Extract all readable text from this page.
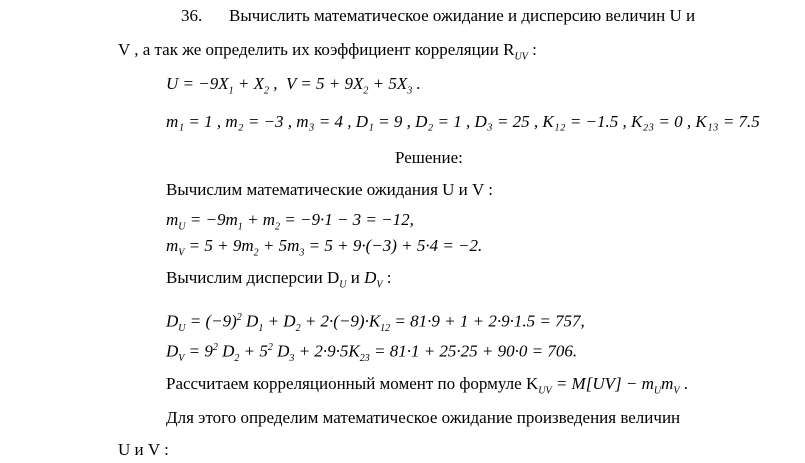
36. Вычислить математическое ожидание и дисперсию величин U и
V , а так же определить их коэффициент корреляции $R_{UV}$ :
$U = -9X_1 + X_2$ ,  $V = 5 + 9X_2 + 5X_3$ .
m₁ = 1 , m₂ = −3 , m₃ = 4 , D₁ = 9 , D₂ = 1 , D₃ = 25 , K₁₂ = −1.5 , K₂₃ = 0 , K₁₃ = 7.5
Решение:
Вычислим математические ожидания U и V :
$m_U = -9m_1 + m_2 = -9\cdot 1 - 3 = -12$,
$m_V = 5 + 9m_2 + 5m_3 = 5 + 9\cdot(-3) + 5\cdot 4 = -2$.
Вычислим дисперсии $D_U$ и $D_V$ :
$D_U = (-9)^2$ $D_1 + D_2 + 2\cdot(-9)\cdot K_{12} = 81\cdot 9 + 1 + 2\cdot 9\cdot 1.5 = 757$,
$D_V = 9^2$ $D_2 + 5^2$ $D_3 + 2\cdot 9\cdot 5K_{23} = 81\cdot 1 + 25\cdot 25 + 90\cdot 0 = 706$.
Рассчитаем корреляционный момент по формуле $K_{UV} = M[UV] - m_Um_V$ .
Для этого определим математическое ожидание произведения величин
U и V :
